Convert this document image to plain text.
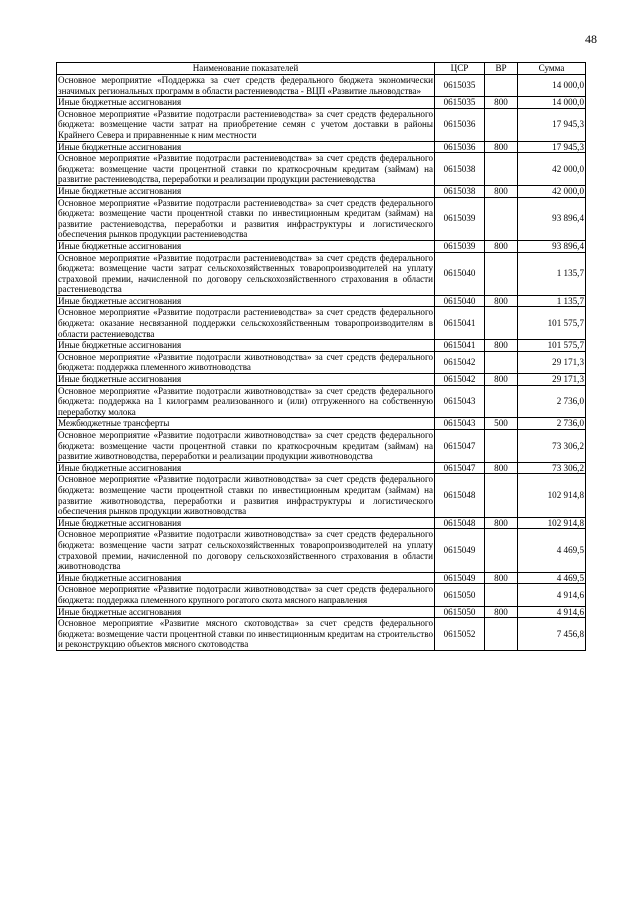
48
Наименование показателей	ЦСР	ВР	Сумма
Основное мероприятие «Поддержка за счет средств федерального бюджета экономически значимых региональных программ в области растениеводства - ВЦП «Развитие льноводства»	0615035		14 000,0
Иные бюджетные ассигнования	0615035	800	14 000,0
Основное мероприятие «Развитие подотрасли растениеводства» за счет средств федерального бюджета: возмещение части затрат на приобретение семян с учетом доставки в районы Крайнего Севера и приравненные к ним местности	0615036		17 945,3
Иные бюджетные ассигнования	0615036	800	17 945,3
Основное мероприятие «Развитие подотрасли растениеводства» за счет средств федерального бюджета: возмещение части процентной ставки по краткосрочным кредитам (займам) на развитие растениеводства, переработки и реализации продукции растениеводства	0615038		42 000,0
Иные бюджетные ассигнования	0615038	800	42 000,0
Основное мероприятие «Развитие подотрасли растениеводства» за счет средств федерального бюджета: возмещение части процентной ставки по инвестиционным кредитам (займам) на развитие растениеводства, переработки и развития инфраструктуры и логистического обеспечения рынков продукции растениеводства	0615039		93 896,4
Иные бюджетные ассигнования	0615039	800	93 896,4
Основное мероприятие «Развитие подотрасли растениеводства» за счет средств федерального бюджета: возмещение части затрат сельскохозяйственных товаропроизводителей на уплату страховой премии, начисленной по договору сельскохозяйственного страхования в области растениеводства	0615040		1 135,7
Иные бюджетные ассигнования	0615040	800	1 135,7
Основное мероприятие «Развитие подотрасли растениеводства» за счет средств федерального бюджета: оказание несвязанной поддержки сельскохозяйственным товаропроизводителям в области растениеводства	0615041		101 575,7
Иные бюджетные ассигнования	0615041	800	101 575,7
Основное мероприятие «Развитие подотрасли животноводства» за счет средств федерального бюджета: поддержка племенного животноводства	0615042		29 171,3
Иные бюджетные ассигнования	0615042	800	29 171,3
Основное мероприятие «Развитие подотрасли животноводства» за счет средств федерального бюджета: поддержка на 1 килограмм реализованного и (или) отгруженного на собственную переработку молока	0615043		2 736,0
Межбюджетные трансферты	0615043	500	2 736,0
Основное мероприятие «Развитие подотрасли животноводства» за счет средств федерального бюджета: возмещение части процентной ставки по краткосрочным кредитам (займам) на развитие животноводства, переработки и реализации продукции животноводства	0615047		73 306,2
Иные бюджетные ассигнования	0615047	800	73 306,2
Основное мероприятие «Развитие подотрасли животноводства» за счет средств федерального бюджета: возмещение части процентной ставки по инвестиционным кредитам (займам) на развитие животноводства, переработки и развития инфраструктуры и логистического обеспечения рынков продукции животноводства	0615048		102 914,8
Иные бюджетные ассигнования	0615048	800	102 914,8
Основное мероприятие «Развитие подотрасли животноводства» за счет средств федерального бюджета: возмещение части затрат сельскохозяйственных товаропроизводителей на уплату страховой премии, начисленной по договору сельскохозяйственного страхования в области животноводства	0615049		4 469,5
Иные бюджетные ассигнования	0615049	800	4 469,5
Основное мероприятие «Развитие подотрасли животноводства» за счет средств федерального бюджета: поддержка племенного крупного рогатого скота мясного направления	0615050		4 914,6
Иные бюджетные ассигнования	0615050	800	4 914,6
Основное мероприятие «Развитие мясного скотоводства» за счет средств федерального бюджета: возмещение части процентной ставки по инвестиционным кредитам на строительство и реконструкцию объектов мясного скотоводства	0615052		7 456,8
